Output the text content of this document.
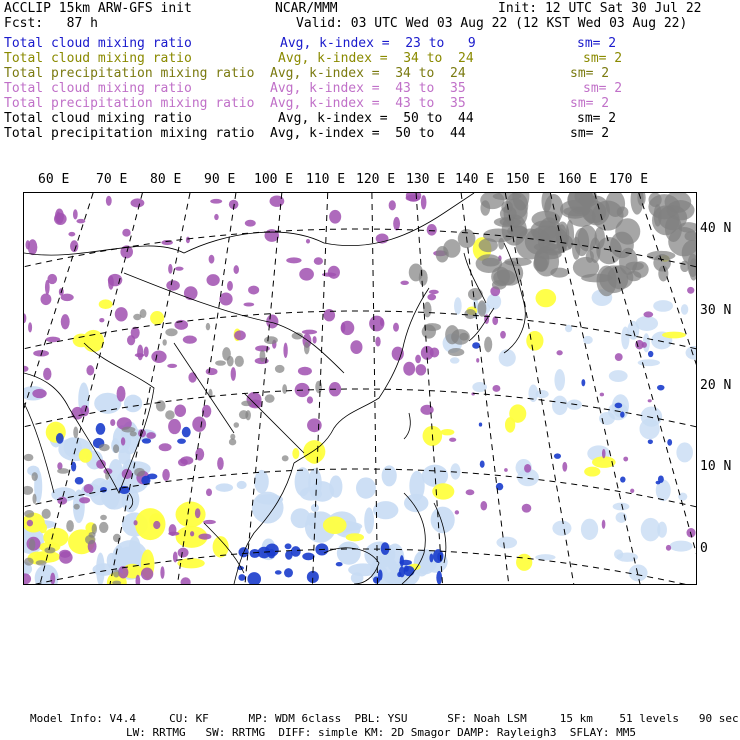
ACCLIP 15km ARW-GFS init	NCAR/MMM	Init: 12 UTC Sat 30 Jul 22
Fcst:   87 h	Valid: 03 UTC Wed 03 Aug 22 (12 KST Wed 03 Aug 22)
Total cloud mixing ratio	Avg, k-index =  23 to   9	sm= 2
Total cloud mixing ratio	Avg, k-index =  34 to  24	sm= 2
Total precipitation mixing ratio Avg, k-index =  34 to  24	sm= 2
Total cloud mixing ratio	Avg, k-index =  43 to  35	sm= 2
Total precipitation mixing ratio Avg, k-index =  43 to  35	sm= 2
Total cloud mixing ratio	Avg, k-index =  50 to  44	sm= 2
Total precipitation mixing ratio Avg, k-index =  50 to  44	sm= 2
60 E 70 E 80 E 90 E 100 E 110 E 120 E 130 E 140 E 150 E 160 E 170 E
40 N
30 N
20 N
10 N
0
Model Info: V4.4     CU: KF      MP: WDM 6class  PBL: YSU      SF: Noah LSM     15 km    51 levels   90 sec
LW: RRTMG   SW: RRTMG  DIFF: simple KM: 2D Smagor DAMP: Rayleigh3  SFLAY: MM5
